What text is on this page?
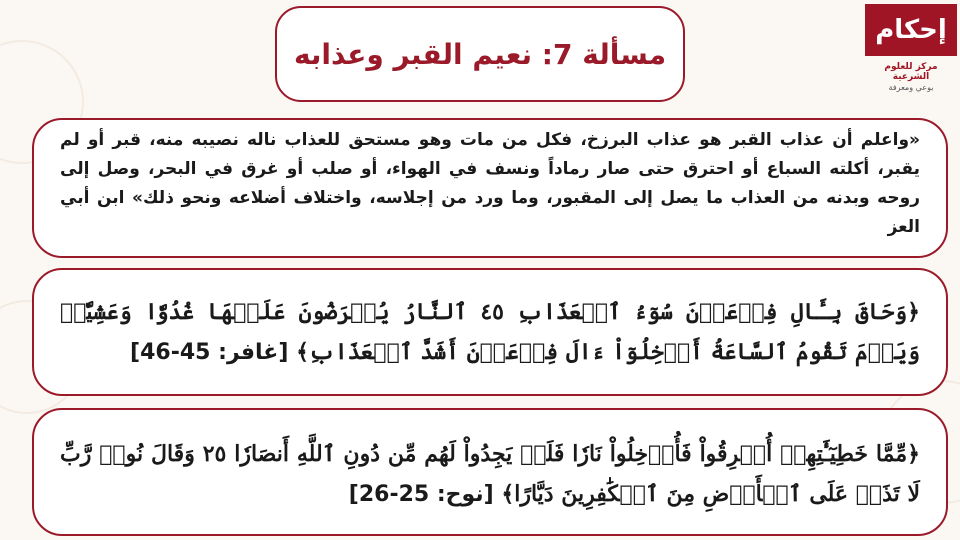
مسألة 7: نعيم القبر وعذابه
إحكام
مركز للعلوم الشرعية
بوعي ومعرفة

«واعلم أن عذاب القبر هو عذاب البرزخ، فكل من مات وهو مستحق للعذاب ناله نصيبه منه، قبر أو لم يقبر، أكلته السباع أو احترق حتى صار رماداً ونسف في الهواء، أو صلب أو غرق في البحر، وصل إلى روحه وبدنه من العذاب ما يصل إلى المقبور، وما ورد من إجلاسه، واختلاف أضلاعه ونحو ذلك» ابن أبي العز

﴿وَحَاقَ بِـَٔالِ فِرۡعَوۡنَ سُوٓءُ ٱلۡعَذَابِ ٤٥ ٱلنَّارُ يُعۡرَضُونَ عَلَيۡهَا غُدُوّٗا وَعَشِيّٗاۚ وَيَوۡمَ تَقُومُ ٱلسَّاعَةُ أَدۡخِلُوٓاْ ءَالَ فِرۡعَوۡنَ أَشَدَّ ٱلۡعَذَابِ﴾ [غافر: 45-46]

﴿مِّمَّا خَطِيٓـَٰٔتِهِمۡ أُغۡرِقُواْ فَأُدۡخِلُواْ نَارٗا فَلَمۡ يَجِدُواْ لَهُم مِّن دُونِ ٱللَّهِ أَنصَارٗا ٢٥ وَقَالَ نُوحٞ رَّبِّ لَا تَذَرۡ عَلَى ٱلۡأَرۡضِ مِنَ ٱلۡكَٰفِرِينَ دَيَّارًا﴾ [نوح: 25-26]
